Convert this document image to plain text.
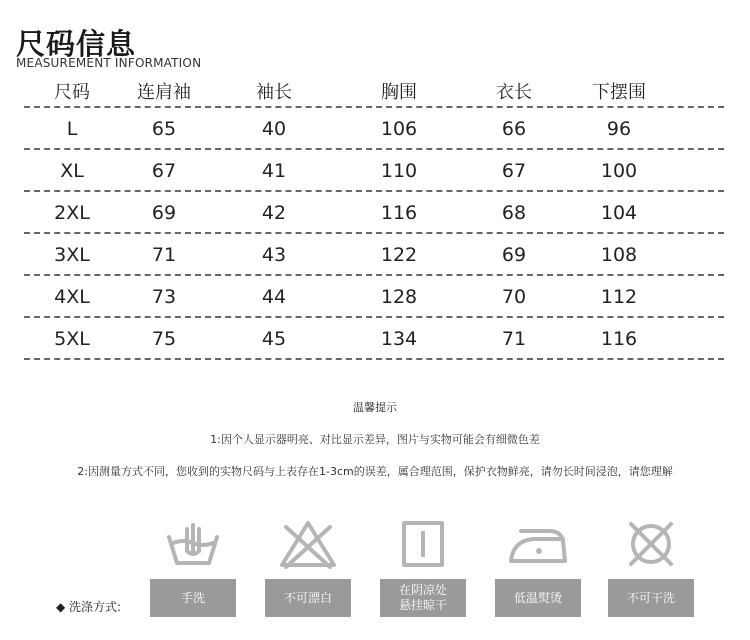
尺码信息
MEASUREMENT INFORMATION
尺码	连肩袖	袖长	胸围	衣长	下摆围
L	65	40	106	66	96
XL	67	41	110	67	100
2XL	69	42	116	68	104
3XL	71	43	122	69	108
4XL	73	44	128	70	112
5XL	75	45	134	71	116
温馨提示
1:因个人显示器明亮、对比显示差异，图片与实物可能会有细微色差
2:因测量方式不同，您收到的实物尺码与上表存在1-3cm的误差，属合理范围，保护衣物鲜亮，请勿长时间浸泡，请您理解
◆ 洗涤方式:
手洗	不可漂白
在阴凉处
悬挂晾干
低温熨烫	不可干洗
